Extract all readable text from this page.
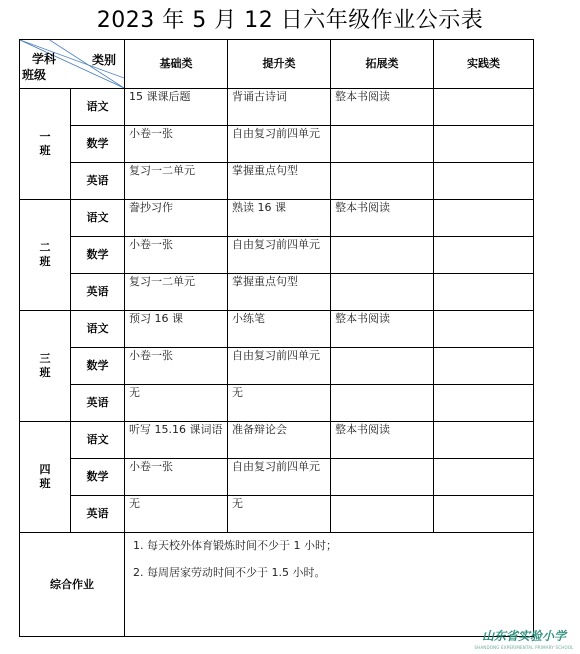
2023 年 5 月 12 日六年级作业公示表
学科 类别
班级		基础类	提升类	拓展类	实践类
一
班	语文	15 课课后题	背诵古诗词	整本书阅读	
	数学	小卷一张	自由复习前四单元		
	英语	复习一二单元	掌握重点句型		
二
班	语文	誊抄习作	熟读 16 课	整本书阅读	
	数学	小卷一张	自由复习前四单元		
	英语	复习一二单元	掌握重点句型		
三
班	语文	预习 16 课	小练笔	整本书阅读	
	数学	小卷一张	自由复习前四单元		
	英语	无	无		
四
班	语文	听写 15.16 课词语	准备辩论会	整本书阅读	
	数学	小卷一张	自由复习前四单元		
	英语	无	无		
综合作业		1. 每天校外体育锻炼时间不少于 1 小时；

2. 每周居家劳动时间不少于 1.5 小时。			

山东省实验小学
SHANDONG EXPERIMENTAL PRIMARY SCHOOL
